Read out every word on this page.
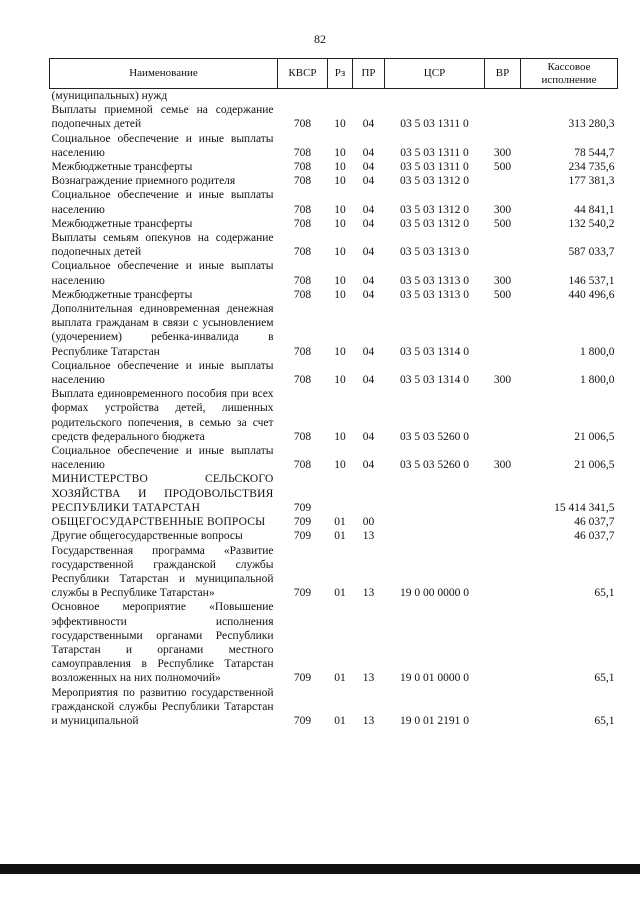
82
Наименование	КВСР	Рз	ПР	ЦСР	ВР	Кассовое исполнение
(муниципальных) нужд						
Выплаты приемной семье на содержание подопечных детей	708	10	04	03 5 03 1311 0		313 280,3
Социальное обеспечение и иные выплаты населению	708	10	04	03 5 03 1311 0	300	78 544,7
Межбюджетные трансферты	708	10	04	03 5 03 1311 0	500	234 735,6
Вознаграждение приемного родителя	708	10	04	03 5 03 1312 0		177 381,3
Социальное обеспечение и иные выплаты населению	708	10	04	03 5 03 1312 0	300	44 841,1
Межбюджетные трансферты	708	10	04	03 5 03 1312 0	500	132 540,2
Выплаты семьям опекунов на содержание подопечных детей	708	10	04	03 5 03 1313 0		587 033,7
Социальное обеспечение и иные выплаты населению	708	10	04	03 5 03 1313 0	300	146 537,1
Межбюджетные трансферты	708	10	04	03 5 03 1313 0	500	440 496,6
Дополнительная единовременная денежная выплата гражданам в связи с усыновлением (удочерением) ребенка-инвалида в Республике Татарстан	708	10	04	03 5 03 1314 0		1 800,0
Социальное обеспечение и иные выплаты населению	708	10	04	03 5 03 1314 0	300	1 800,0
Выплата единовременного пособия при всех формах устройства детей, лишенных родительского попечения, в семью за счет средств федерального бюджета	708	10	04	03 5 03 5260 0		21 006,5
Социальное обеспечение и иные выплаты населению	708	10	04	03 5 03 5260 0	300	21 006,5
МИНИСТЕРСТВО СЕЛЬСКОГО ХОЗЯЙСТВА И ПРОДОВОЛЬСТВИЯ РЕСПУБЛИКИ ТАТАРСТАН	709					15 414 341,5
ОБЩЕГОСУДАРСТВЕННЫЕ ВОПРОСЫ	709	01	00			46 037,7
Другие общегосударственные вопросы	709	01	13			46 037,7
Государственная программа «Развитие государственной гражданской службы Республики Татарстан и муниципальной службы в Республике Татарстан»	709	01	13	19 0 00 0000 0		65,1
Основное мероприятие «Повышение эффективности исполнения государственными органами Республики Татарстан и органами местного самоуправления в Республике Татарстан возложенных на них полномочий»	709	01	13	19 0 01 0000 0		65,1
Мероприятия по развитию государственной гражданской службы Республики Татарстан и муниципальной	709	01	13	19 0 01 2191 0		65,1
